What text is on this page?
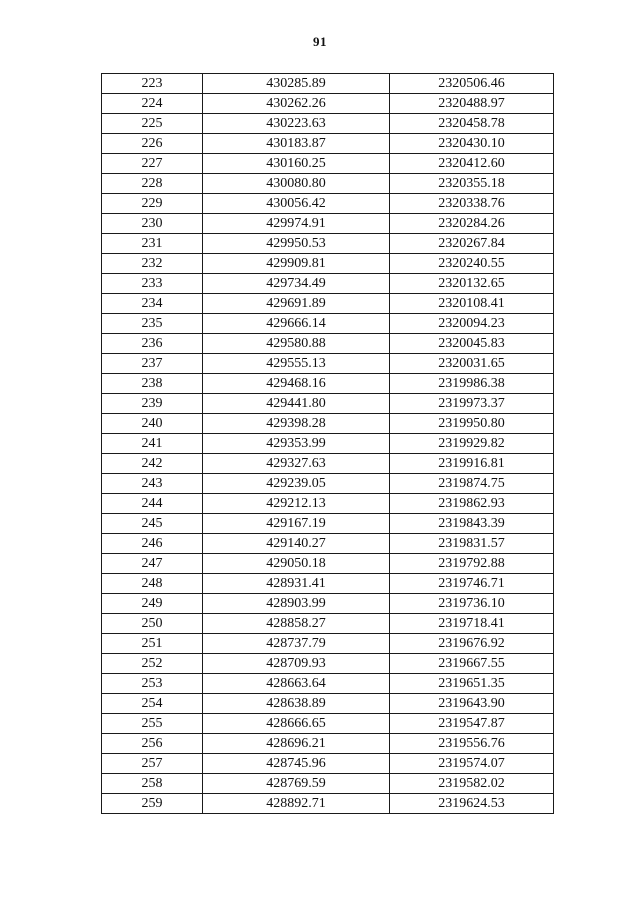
91
223	430285.89	2320506.46
224	430262.26	2320488.97
225	430223.63	2320458.78
226	430183.87	2320430.10
227	430160.25	2320412.60
228	430080.80	2320355.18
229	430056.42	2320338.76
230	429974.91	2320284.26
231	429950.53	2320267.84
232	429909.81	2320240.55
233	429734.49	2320132.65
234	429691.89	2320108.41
235	429666.14	2320094.23
236	429580.88	2320045.83
237	429555.13	2320031.65
238	429468.16	2319986.38
239	429441.80	2319973.37
240	429398.28	2319950.80
241	429353.99	2319929.82
242	429327.63	2319916.81
243	429239.05	2319874.75
244	429212.13	2319862.93
245	429167.19	2319843.39
246	429140.27	2319831.57
247	429050.18	2319792.88
248	428931.41	2319746.71
249	428903.99	2319736.10
250	428858.27	2319718.41
251	428737.79	2319676.92
252	428709.93	2319667.55
253	428663.64	2319651.35
254	428638.89	2319643.90
255	428666.65	2319547.87
256	428696.21	2319556.76
257	428745.96	2319574.07
258	428769.59	2319582.02
259	428892.71	2319624.53
